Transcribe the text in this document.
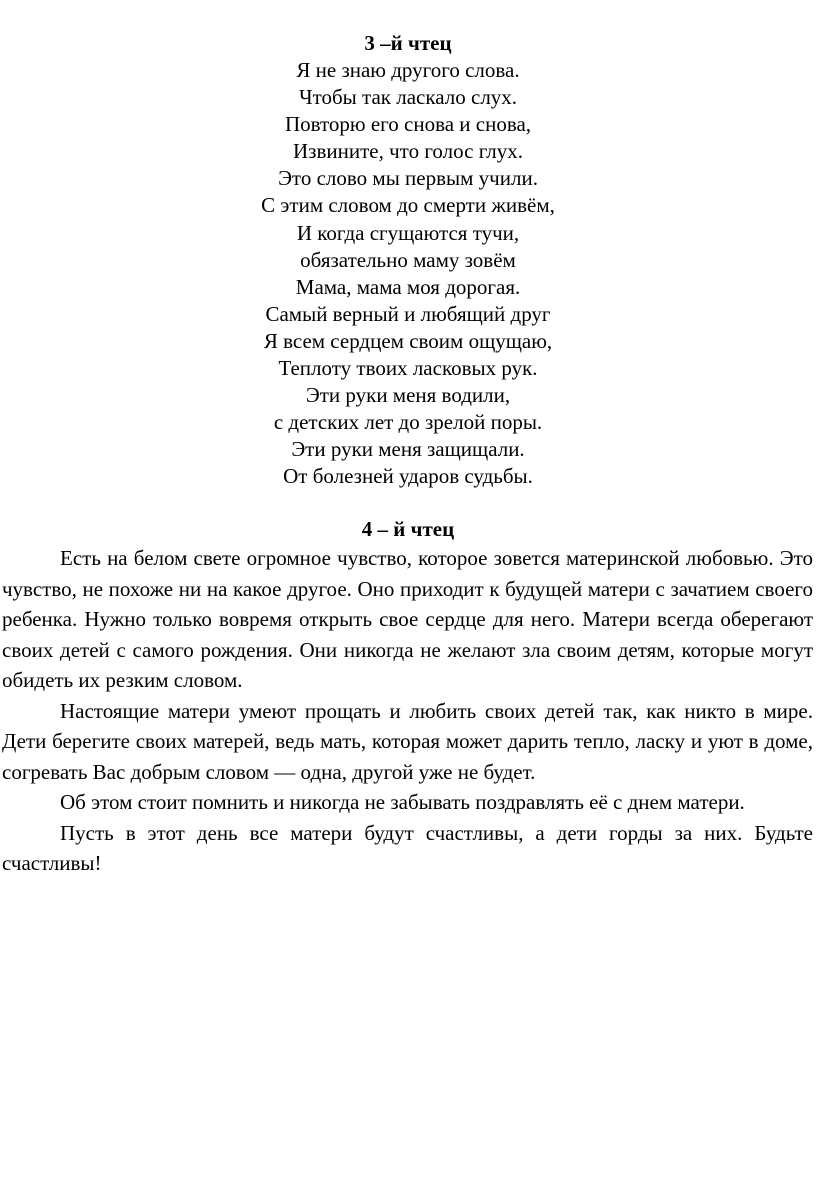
3 –й чтец
Я не знаю другого слова.
Чтобы так ласкало слух.
Повторю его снова и снова,
Извините, что голос глух.
Это слово мы первым учили.
С этим словом до смерти живём,
И когда сгущаются тучи,
обязательно маму зовём
Мама, мама моя дорогая.
Самый верный и любящий друг
Я всем сердцем своим ощущаю,
Теплоту твоих ласковых рук.
Эти руки меня водили,
с детских лет до зрелой поры.
Эти руки меня защищали.
От болезней ударов судьбы.
4 – й чтец

Есть на белом свете огромное чувство, которое зовется материнской любовью. Это чувство, не похоже ни на какое другое. Оно приходит к будущей матери с зачатием своего ребенка. Нужно только вовремя открыть свое сердце для него. Матери всегда оберегают своих детей с самого рождения. Они никогда не желают зла своим детям, которые могут обидеть их резким словом.

Настоящие матери умеют прощать и любить своих детей так, как никто в мире. Дети берегите своих матерей, ведь мать, которая может дарить тепло, ласку и уют в доме, согревать Вас добрым словом — одна, другой уже не будет.

Об этом стоит помнить и никогда не забывать поздравлять её с днем матери.

Пусть в этот день все матери будут счастливы, а дети горды за них. Будьте счастливы!
